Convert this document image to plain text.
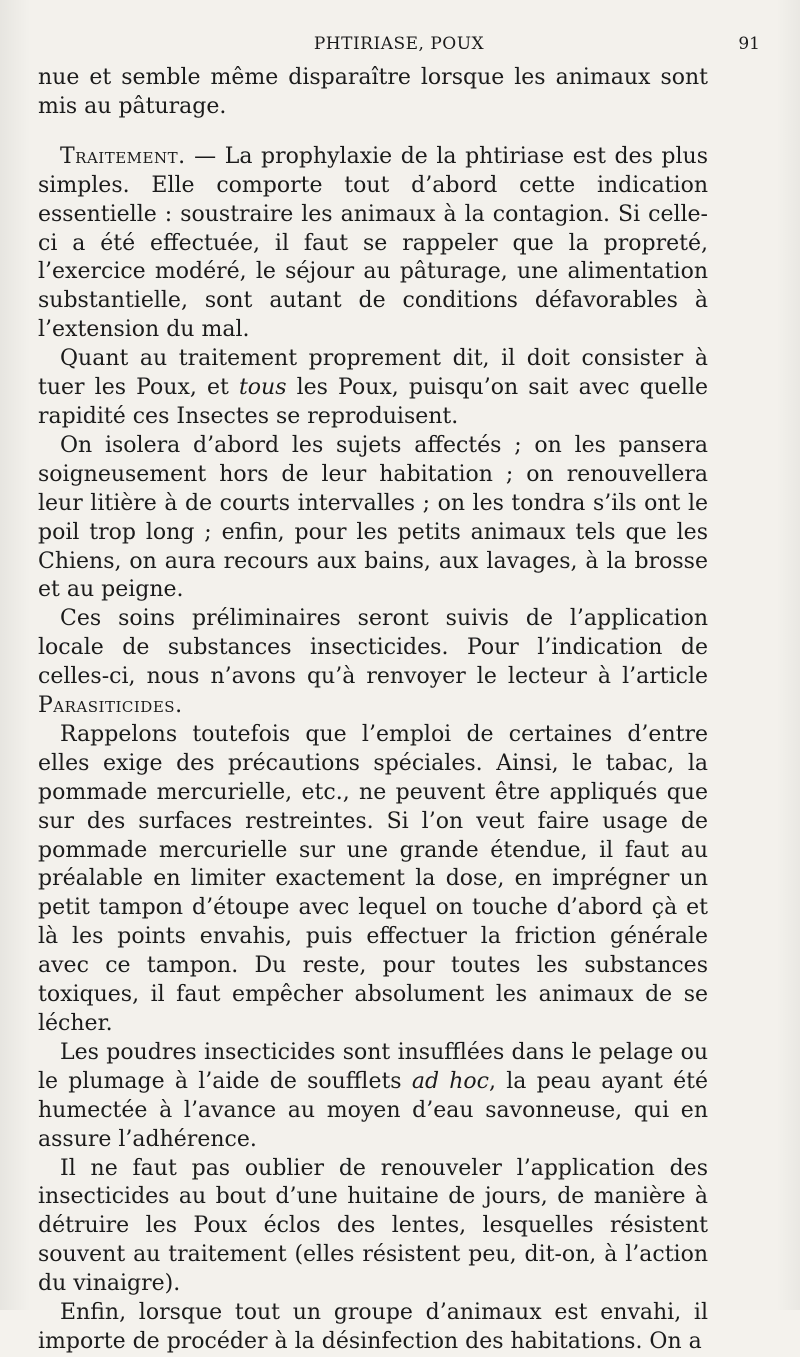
PHTIRIASE, POUX	91

nue et semble même disparaître lorsque les animaux sont mis au pâturage.

Traitement. — La prophylaxie de la phtiriase est des plus simples. Elle comporte tout d’abord cette indication essentielle : soustraire les animaux à la contagion. Si celle-ci a été effectuée, il faut se rappeler que la propreté, l’exercice modéré, le séjour au pâturage, une alimentation substantielle, sont autant de conditions défavorables à l’extension du mal.

Quant au traitement proprement dit, il doit consister à tuer les Poux, et tous les Poux, puisqu’on sait avec quelle rapidité ces Insectes se reproduisent.

On isolera d’abord les sujets affectés ; on les pansera soigneusement hors de leur habitation ; on renouvellera leur litière à de courts intervalles ; on les tondra s’ils ont le poil trop long ; enfin, pour les petits animaux tels que les Chiens, on aura recours aux bains, aux lavages, à la brosse et au peigne.

Ces soins préliminaires seront suivis de l’application locale de substances insecticides. Pour l’indication de celles-ci, nous n’avons qu’à renvoyer le lecteur à l’article Parasiticides.

Rappelons toutefois que l’emploi de certaines d’entre elles exige des précautions spéciales. Ainsi, le tabac, la pommade mercurielle, etc., ne peuvent être appliqués que sur des surfaces restreintes. Si l’on veut faire usage de pommade mercurielle sur une grande étendue, il faut au préalable en limiter exactement la dose, en imprégner un petit tampon d’étoupe avec lequel on touche d’abord çà et là les points envahis, puis effectuer la friction générale avec ce tampon. Du reste, pour toutes les substances toxiques, il faut empêcher absolument les animaux de se lécher.

Les poudres insecticides sont insufflées dans le pelage ou le plumage à l’aide de soufflets ad hoc, la peau ayant été humectée à l’avance au moyen d’eau savonneuse, qui en assure l’adhérence.

Il ne faut pas oublier de renouveler l’application des insecticides au bout d’une huitaine de jours, de manière à détruire les Poux éclos des lentes, lesquelles résistent souvent au traitement (elles résistent peu, dit-on, à l’action du vinaigre).

Enfin, lorsque tout un groupe d’animaux est envahi, il importe de procéder à la désinfection des habitations. On a
